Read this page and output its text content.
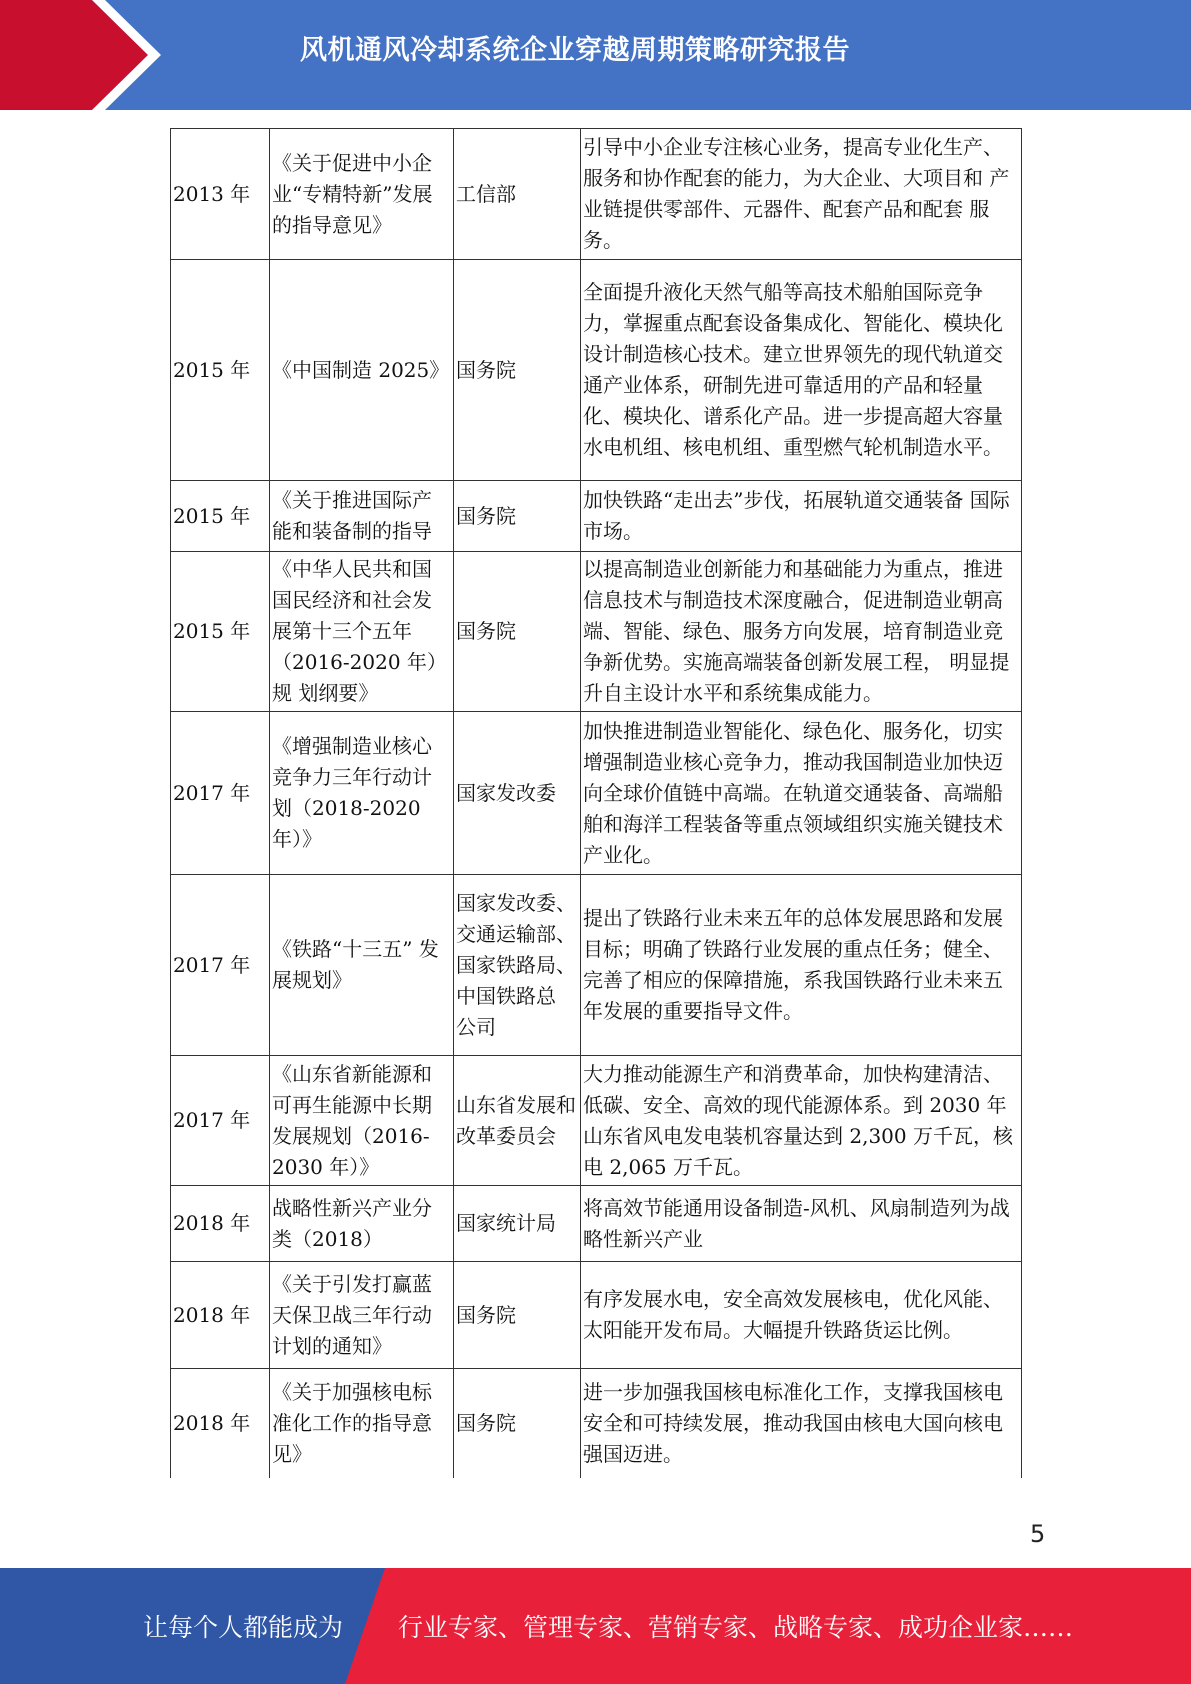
风机通风冷却系统企业穿越周期策略研究报告
2013 年	《关于促进中小企业“专精特新”发展的指导意见》	工信部	引导中小企业专注核心业务，提高专业化生产、 服务和协作配套的能力，为大企业、大项目和 产业链提供零部件、元器件、配套产品和配套 服务。
2015 年	《中国制造 2025》	国务院	全面提升液化天然气船等高技术船舶国际竞争力，掌握重点配套设备集成化、智能化、模块化设计制造核心技术。建立世界领先的现代轨道交通产业体系，研制先进可靠适用的产品和轻量化、模块化、谱系化产品。进一步提高超大容量水电机组、核电机组、重型燃气轮机制造水平。
2015 年	《关于推进国际产能和装备制的指导	国务院	加快铁路“走出去”步伐，拓展轨道交通装备 国际市场。
2015 年	《中华人民共和国国民经济和社会发展第十三个五年（2016-2020 年）规 划纲要》	国务院	以提高制造业创新能力和基础能力为重点，推进信息技术与制造技术深度融合，促进制造业朝高端、智能、绿色、服务方向发展，培育制造业竞争新优势。实施高端装备创新发展工程， 明显提升自主设计水平和系统集成能力。
2017 年	《增强制造业核心竞争力三年行动计划（2018-2020 年）》	国家发改委	加快推进制造业智能化、绿色化、服务化，切实增强制造业核心竞争力，推动我国制造业加快迈向全球价值链中高端。在轨道交通装备、高端船舶和海洋工程装备等重点领域组织实施关键技术产业化。
2017 年	《铁路“十三五” 发展规划》	国家发改委、 交通运输部、 国家铁路局、 中国铁路总 公司	提出了铁路行业未来五年的总体发展思路和发展目标；明确了铁路行业发展的重点任务；健全、完善了相应的保障措施，系我国铁路行业未来五年发展的重要指导文件。
2017 年	《山东省新能源和可再生能源中长期发展规划（2016-2030 年）》	山东省发展和改革委员会	大力推动能源生产和消费革命，加快构建清洁、 低碳、安全、高效的现代能源体系。到 2030 年 山东省风电发电装机容量达到 2,300 万千瓦，核 电 2,065 万千瓦。
2018 年	战略性新兴产业分类（2018）	国家统计局	将高效节能通用设备制造-风机、风扇制造列为战略性新兴产业
2018 年	《关于引发打赢蓝天保卫战三年行动计划的通知》	国务院	有序发展水电，安全高效发展核电，优化风能、 太阳能开发布局。大幅提升铁路货运比例。
2018 年	《关于加强核电标准化工作的指导意见》	国务院	进一步加强我国核电标准化工作，支撑我国核电安全和可持续发展，推动我国由核电大国向核电强国迈进。
5
让每个人都能成为 行业专家、管理专家、营销专家、战略专家、成功企业家……
